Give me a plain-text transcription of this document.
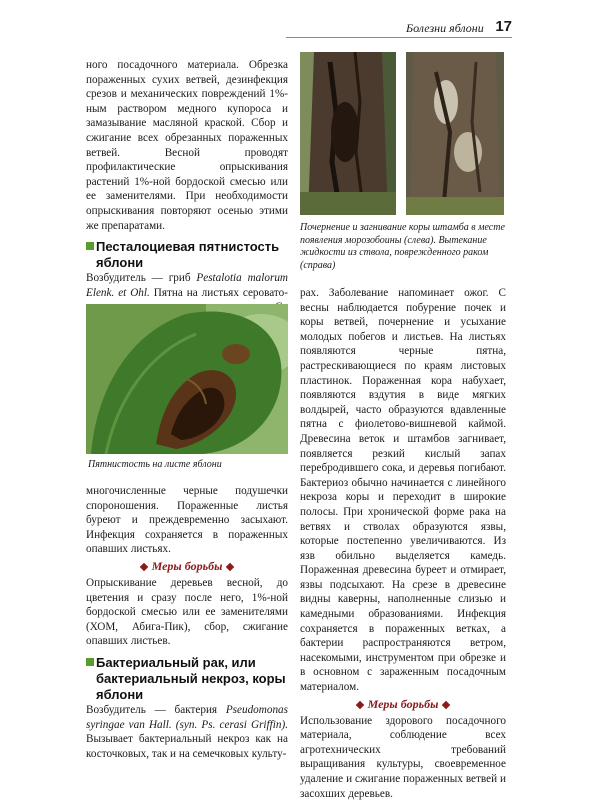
Болезни яблони 17

ного посадочного материала. Обрезка пораженных сухих ветвей, дезинфекция срезов и механических повреждений 1%-ным раствором медного купороса и замазывание масляной краской. Сбор и сжигание всех обрезанных пораженных ветвей. Весной проводят профилактические опрыскивания растений 1%-ной бордоской смесью или ее заменителями. При необходимости опрыскивания повторяют осенью этими же препаратами.

Песталоциевая пятнистость яблони

Возбудитель — гриб Pestalotia malorum Elenk. et Ohl. Пятна на листьях серовато-

Пятнистость на листе яблони

многочисленные черные подушечки спороношения. Пораженные листья буреют и преждевременно засыхают. Инфекция сохраняется в пораженных опавших листьях.

Меры борьбы

Опрыскивание деревьев весной, до цветения и сразу после него, 1%-ной бордоской смесью или ее заменителями (ХОМ, Абига-Пик), сбор, сжигание опавших листьев.

Бактериальный рак, или бактериальный некроз, коры яблони

Возбудитель — бактерия Pseudomonas syringae van Hall. (syn. Ps. cerasi Griffin). Вызывает бактериальный некроз как на косточковых, так и на семечковых культу-

Почернение и загнивание коры штамба в месте появления морозобоины (слева). Вытекание жидкости из ствола, поврежденного раком (справа)

рах. Заболевание напоминает ожог. С весны наблюдается побурение почек и коры ветвей, почернение и усыхание молодых побегов и листьев. На листьях появляются черные пятна, растрескивающиеся по краям листовых пластинок. Пораженная кора набухает, появляются вздутия в виде мягких волдырей, часто образуются вдавленные пятна с фиолетово-вишневой каймой. Древесина веток и штамбов загнивает, появляется резкий кислый запах перебродившего сока, и деревья погибают. Бактериоз обычно начинается с линейного некроза коры и переходит в широкие полосы. При хронической форме рака на ветвях и стволах образуются язвы, которые постепенно увеличиваются. Из язв обильно выделяется камедь. Пораженная древесина буреет и отмирает, язвы подсыхают. На срезе в древесине видны каверны, наполненные слизью и камедными образованиями. Инфекция сохраняется в пораженных ветках, а бактерии распространяются ветром, насекомыми, инструментом при обрезке и в основном с зараженным посадочным материалом.

Меры борьбы

Использование здорового посадочного материала, соблюдение всех агротехнических требований выращивания культуры, своевременное удаление и сжигание пораженных ветвей и засохших деревьев.
